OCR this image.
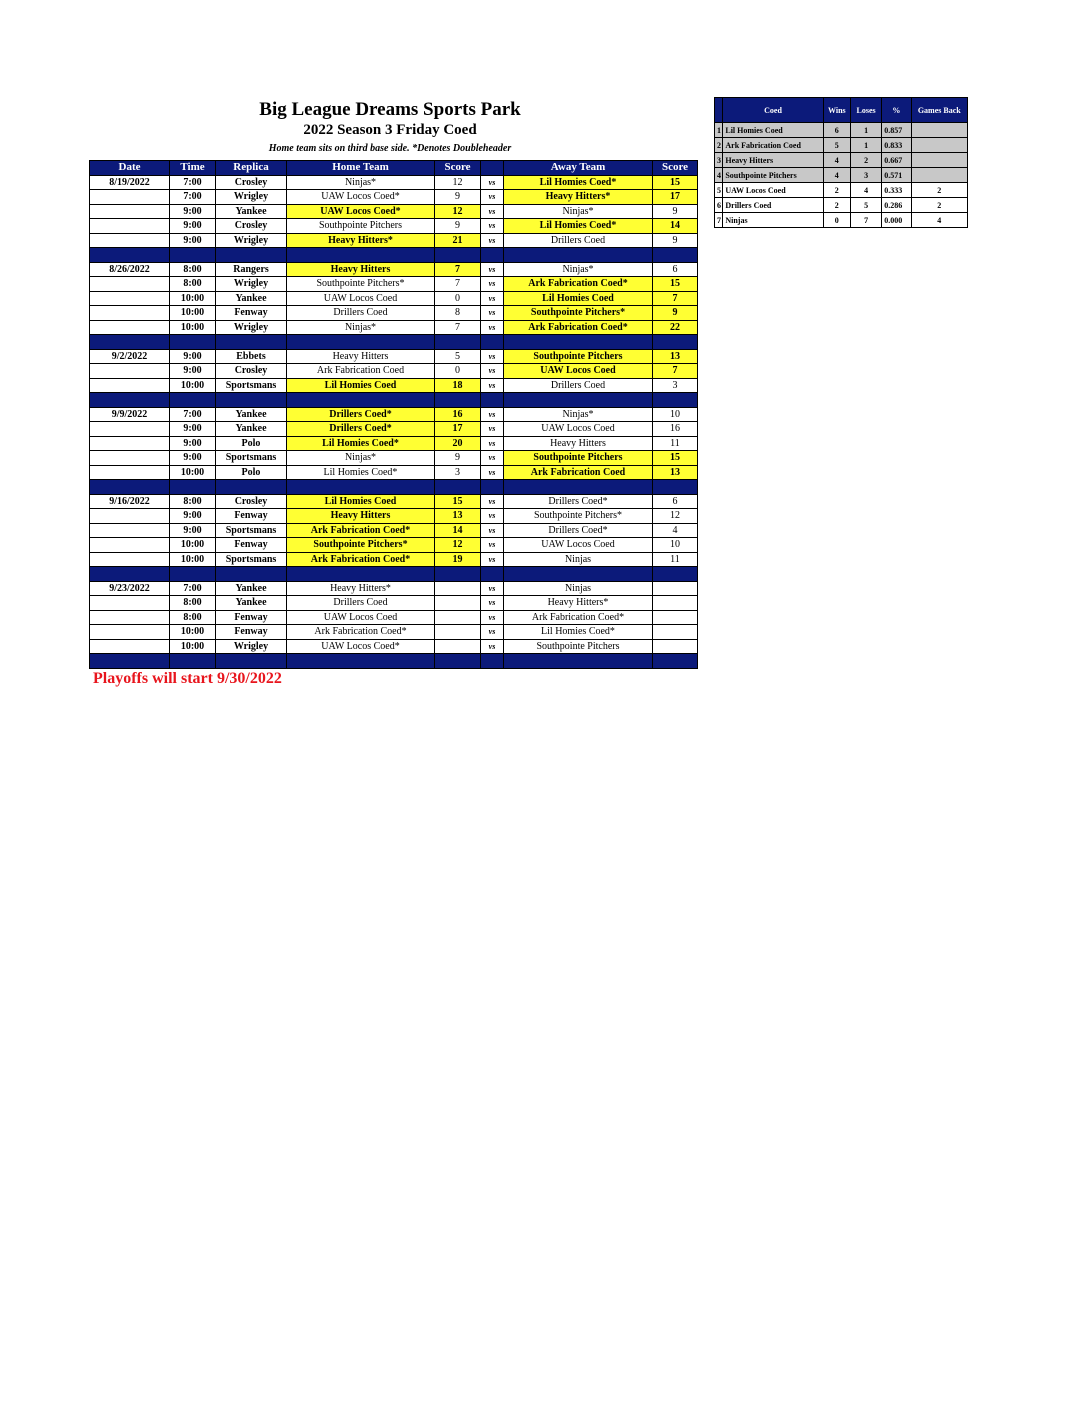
Big League Dreams Sports Park
2022 Season 3 Friday Coed
Home team sits on third base side. *Denotes Doubleheader
Date	Time	Replica	Home Team	Score		Away Team	Score
8/19/2022	7:00	Crosley	Ninjas*	12	vs	Lil Homies Coed*	15
	7:00	Wrigley	UAW Locos Coed*	9	vs	Heavy Hitters*	17
	9:00	Yankee	UAW Locos Coed*	12	vs	Ninjas*	9
	9:00	Crosley	Southpointe Pitchers	9	vs	Lil Homies Coed*	14
	9:00	Wrigley	Heavy Hitters*	21	vs	Drillers Coed	9

8/26/2022	8:00	Rangers	Heavy Hitters	7	vs	Ninjas*	6
	8:00	Wrigley	Southpointe Pitchers*	7	vs	Ark Fabrication Coed*	15
	10:00	Yankee	UAW Locos Coed	0	vs	Lil Homies Coed	7
	10:00	Fenway	Drillers Coed	8	vs	Southpointe Pitchers*	9
	10:00	Wrigley	Ninjas*	7	vs	Ark Fabrication Coed*	22

9/2/2022	9:00	Ebbets	Heavy Hitters	5	vs	Southpointe Pitchers	13
	9:00	Crosley	Ark Fabrication Coed	0	vs	UAW Locos Coed	7
	10:00	Sportsmans	Lil Homies Coed	18	vs	Drillers Coed	3

9/9/2022	7:00	Yankee	Drillers Coed*	16	vs	Ninjas*	10
	9:00	Yankee	Drillers Coed*	17	vs	UAW Locos Coed	16
	9:00	Polo	Lil Homies Coed*	20	vs	Heavy Hitters	11
	9:00	Sportsmans	Ninjas*	9	vs	Southpointe Pitchers	15
	10:00	Polo	Lil Homies Coed*	3	vs	Ark Fabrication Coed	13

9/16/2022	8:00	Crosley	Lil Homies Coed	15	vs	Drillers Coed*	6
	9:00	Fenway	Heavy Hitters	13	vs	Southpointe Pitchers*	12
	9:00	Sportsmans	Ark Fabrication Coed*	14	vs	Drillers Coed*	4
	10:00	Fenway	Southpointe Pitchers*	12	vs	UAW Locos Coed	10
	10:00	Sportsmans	Ark Fabrication Coed*	19	vs	Ninjas	11

9/23/2022	7:00	Yankee	Heavy Hitters*		vs	Ninjas	
	8:00	Yankee	Drillers Coed		vs	Heavy Hitters*	
	8:00	Fenway	UAW Locos Coed		vs	Ark Fabrication Coed*	
	10:00	Fenway	Ark Fabrication Coed*		vs	Lil Homies Coed*	
	10:00	Wrigley	UAW Locos Coed*		vs	Southpointe Pitchers	

	Coed	Wins	Loses	%	Games Back
1	Lil Homies Coed	6	1	0.857	
2	Ark Fabrication Coed	5	1	0.833	
3	Heavy Hitters	4	2	0.667	
4	Southpointe Pitchers	4	3	0.571	
5	UAW Locos Coed	2	4	0.333	2
6	Drillers Coed	2	5	0.286	2
7	Ninjas	0	7	0.000	4
Playoffs will start 9/30/2022
